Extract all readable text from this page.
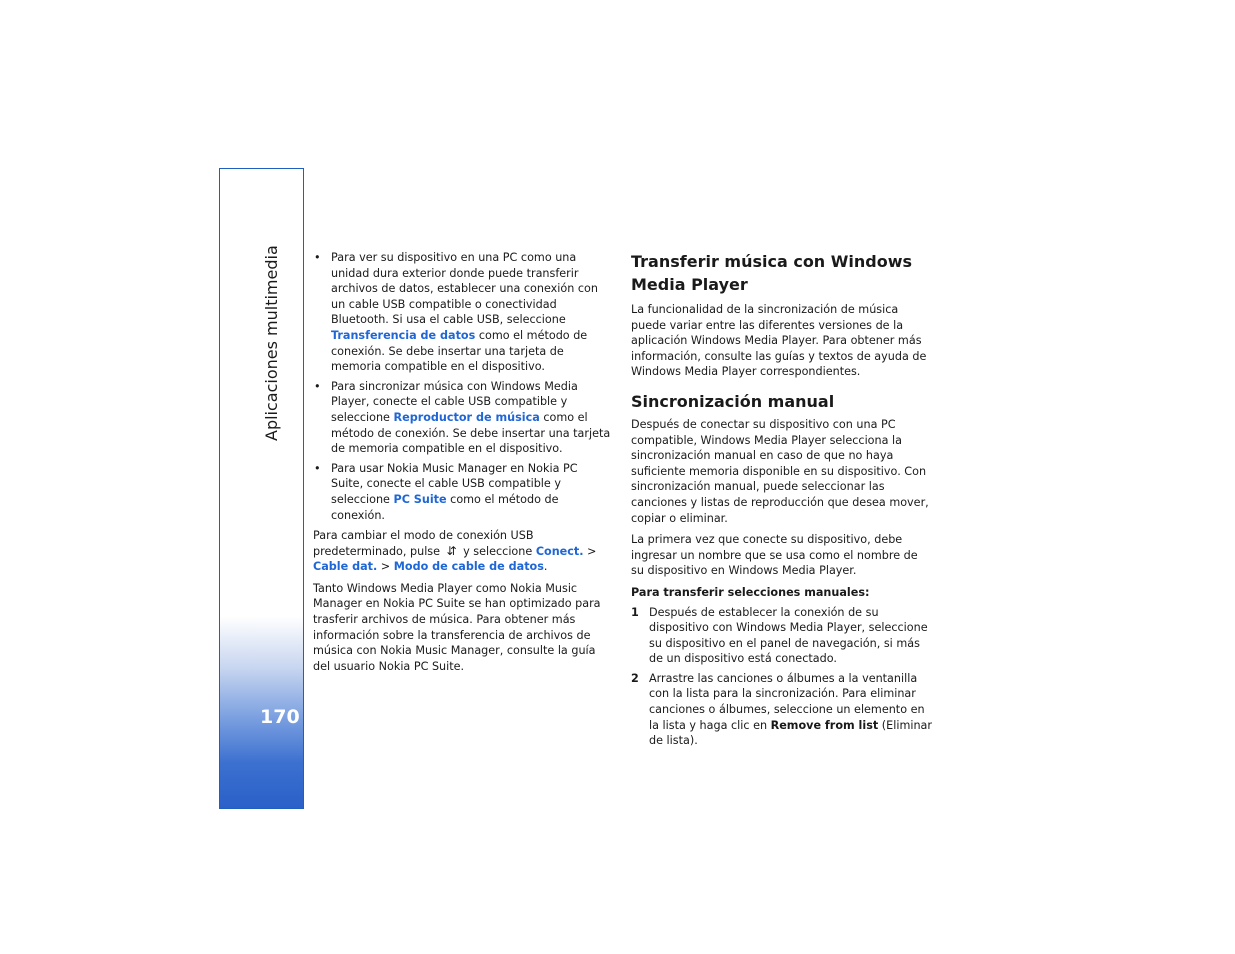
Aplicaciones multimedia
170
• Para ver su dispositivo en una PC como una unidad dura exterior donde puede transferir archivos de datos, establecer una conexión con un cable USB compatible o conectividad Bluetooth. Si usa el cable USB, seleccione Transferencia de datos como el método de conexión. Se debe insertar una tarjeta de memoria compatible en el dispositivo.
• Para sincronizar música con Windows Media Player, conecte el cable USB compatible y seleccione Reproductor de música como el método de conexión. Se debe insertar una tarjeta de memoria compatible en el dispositivo.
• Para usar Nokia Music Manager en Nokia PC Suite, conecte el cable USB compatible y seleccione PC Suite como el método de conexión.

Para cambiar el modo de conexión USB predeterminado, pulse ⇵ y seleccione Conect. > Cable dat. > Modo de cable de datos.

Tanto Windows Media Player como Nokia Music Manager en Nokia PC Suite se han optimizado para trasferir archivos de música. Para obtener más información sobre la transferencia de archivos de música con Nokia Music Manager, consulte la guía del usuario Nokia PC Suite.

Transferir música con Windows Media Player

La funcionalidad de la sincronización de música puede variar entre las diferentes versiones de la aplicación Windows Media Player. Para obtener más información, consulte las guías y textos de ayuda de Windows Media Player correspondientes.

Sincronización manual

Después de conectar su dispositivo con una PC compatible, Windows Media Player selecciona la sincronización manual en caso de que no haya suficiente memoria disponible en su dispositivo. Con sincronización manual, puede seleccionar las canciones y listas de reproducción que desea mover, copiar o eliminar.

La primera vez que conecte su dispositivo, debe ingresar un nombre que se usa como el nombre de su dispositivo en Windows Media Player.

Para transferir selecciones manuales:
1 Después de establecer la conexión de su dispositivo con Windows Media Player, seleccione su dispositivo en el panel de navegación, si más de un dispositivo está conectado.
2 Arrastre las canciones o álbumes a la ventanilla con la lista para la sincronización. Para eliminar canciones o álbumes, seleccione un elemento en la lista y haga clic en Remove from list (Eliminar de lista).
